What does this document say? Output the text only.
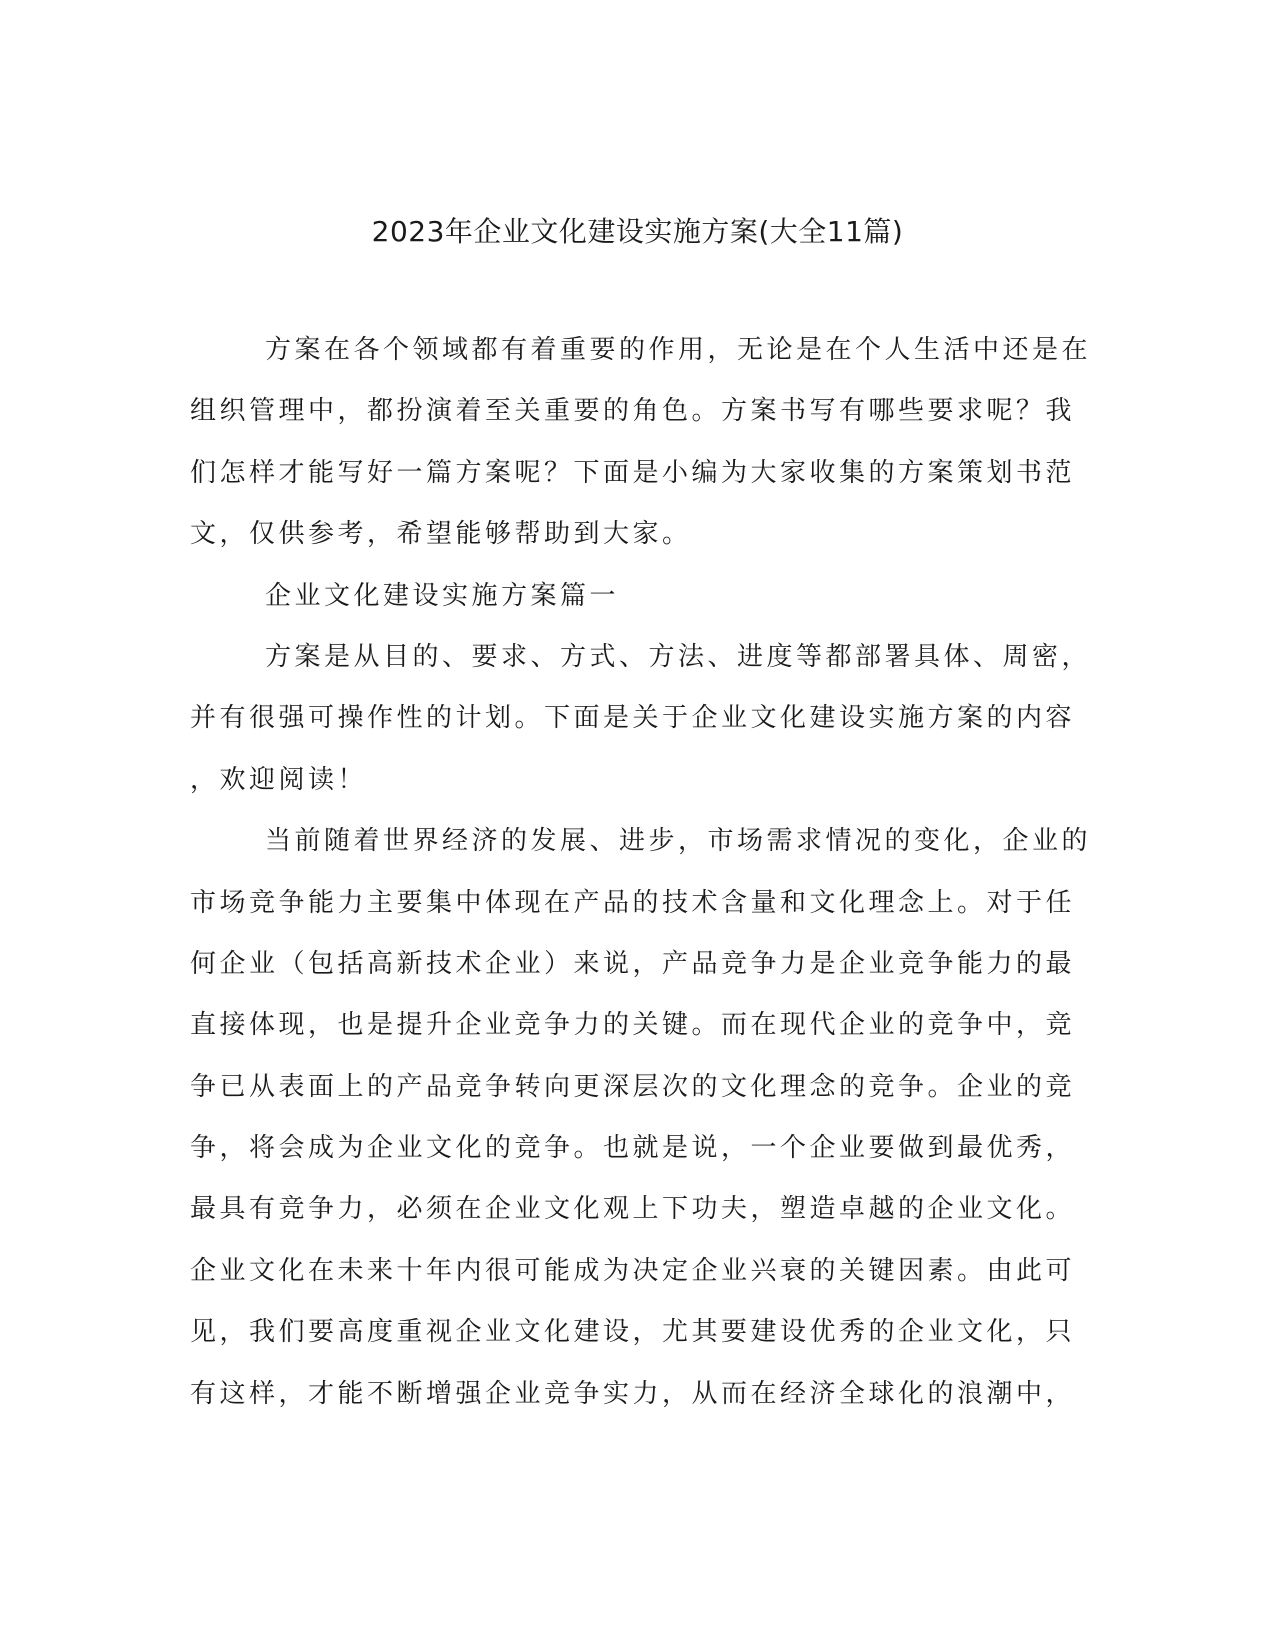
2023年企业文化建设实施方案(大全11篇)
方案在各个领域都有着重要的作用，无论是在个人生活中还是在
组织管理中，都扮演着至关重要的角色。方案书写有哪些要求呢？我
们怎样才能写好一篇方案呢？下面是小编为大家收集的方案策划书范
文，仅供参考，希望能够帮助到大家。
企业文化建设实施方案篇一
方案是从目的、要求、方式、方法、进度等都部署具体、周密，
并有很强可操作性的计划。下面是关于企业文化建设实施方案的内容
，欢迎阅读！
当前随着世界经济的发展、进步，市场需求情况的变化，企业的
市场竞争能力主要集中体现在产品的技术含量和文化理念上。对于任
何企业（包括高新技术企业）来说，产品竞争力是企业竞争能力的最
直接体现，也是提升企业竞争力的关键。而在现代企业的竞争中，竞
争已从表面上的产品竞争转向更深层次的文化理念的竞争。企业的竞
争，将会成为企业文化的竞争。也就是说，一个企业要做到最优秀，
最具有竞争力，必须在企业文化观上下功夫，塑造卓越的企业文化。
企业文化在未来十年内很可能成为决定企业兴衰的关键因素。由此可
见，我们要高度重视企业文化建设，尤其要建设优秀的企业文化，只
有这样，才能不断增强企业竞争实力，从而在经济全球化的浪潮中，
